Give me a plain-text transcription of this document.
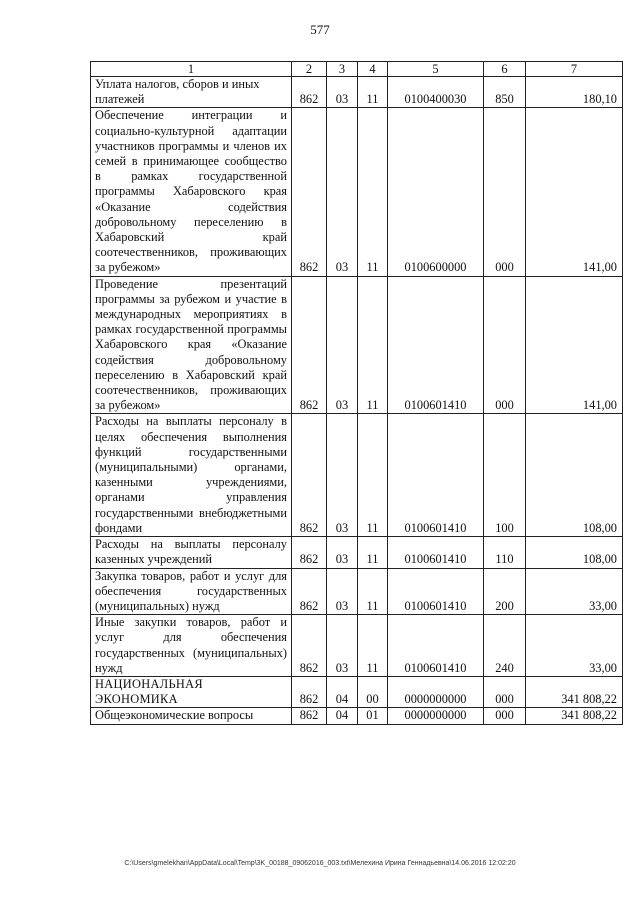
577
1	2	3	4	5	6	7
Уплата налогов, сборов и иных платежей	862	03	11	0100400030	850	180,10
Обеспечение интеграции и социально-культурной адаптации участников программы и членов их семей в принимающее сообщество в рамках государственной программы Хабаровского края «Оказание содействия добровольному переселению в Хабаровский край соотечественников, проживающих за рубежом»	862	03	11	0100600000	000	141,00
Проведение презентаций программы за рубежом и участие в международных мероприятиях в рамках государственной программы Хабаровского края «Оказание содействия добровольному переселению в Хабаровский край соотечественников, проживающих за рубежом»	862	03	11	0100601410	000	141,00
Расходы на выплаты персоналу в целях обеспечения выполнения функций государственными (муниципальными) органами, казенными учреждениями, органами управления государственными внебюджетными фондами	862	03	11	0100601410	100	108,00
Расходы на выплаты персоналу казенных учреждений	862	03	11	0100601410	110	108,00
Закупка товаров, работ и услуг для обеспечения государственных (муниципальных) нужд	862	03	11	0100601410	200	33,00
Иные закупки товаров, работ и услуг для обеспечения государственных (муниципальных) нужд	862	03	11	0100601410	240	33,00
НАЦИОНАЛЬНАЯ ЭКОНОМИКА	862	04	00	0000000000	000	341 808,22
Общеэкономические вопросы	862	04	01	0000000000	000	341 808,22
C:\Users\gmelekhan\AppData\Local\Temp\3K_00188_09062016_003.txt\Мелехина Ирина Геннадьевна\14.06.2016 12:02:20
